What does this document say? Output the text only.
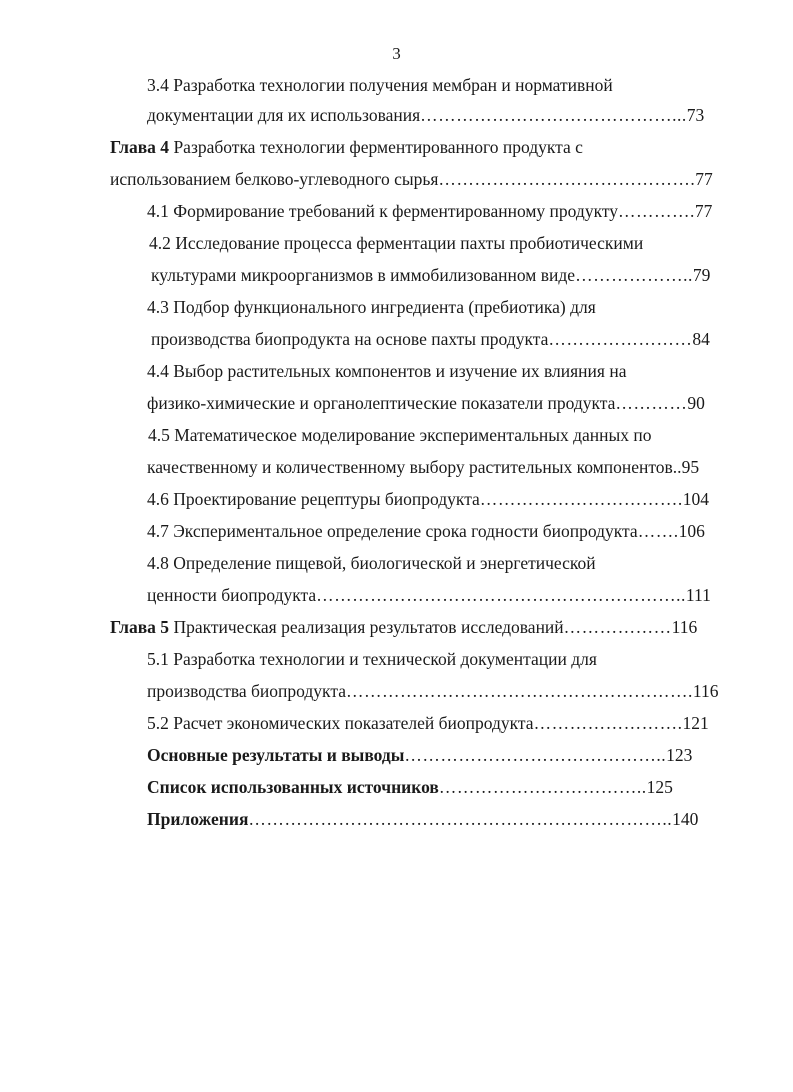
3
3.4 Разработка технологии получения мембран и нормативной
документации для их использования……………………………………...73
Глава 4 Разработка технологии ферментированного продукта с
использованием белково-углеводного сырья…………………………………….77
4.1 Формирование требований к ферментированному продукту………….77
4.2 Исследование процесса ферментации пахты пробиотическими
культурами микроорганизмов в иммобилизованном виде………………..79
4.3 Подбор функционального ингредиента (пребиотика) для
производства биопродукта на основе пахты продукта……………………84
4.4 Выбор растительных компонентов и изучение их влияния на
физико-химические и органолептические показатели продукта…………90
4.5 Математическое моделирование экспериментальных данных по
качественному и количественному выбору растительных компонентов..95
4.6 Проектирование рецептуры биопродукта…………………………….104
4.7 Экспериментальное определение срока годности биопродукта…….106
4.8 Определение пищевой, биологической и энергетической
ценности биопродукта……………………………………………………..111
Глава 5 Практическая реализация результатов исследований………………116
5.1 Разработка технологии и технической документации для
производства биопродукта………………………………………………….116
5.2 Расчет экономических показателей биопродукта…………………….121
Основные результаты и выводы……………………………………..123
Список использованных источников……………………………..125
Приложения……………………………………………………………..140
